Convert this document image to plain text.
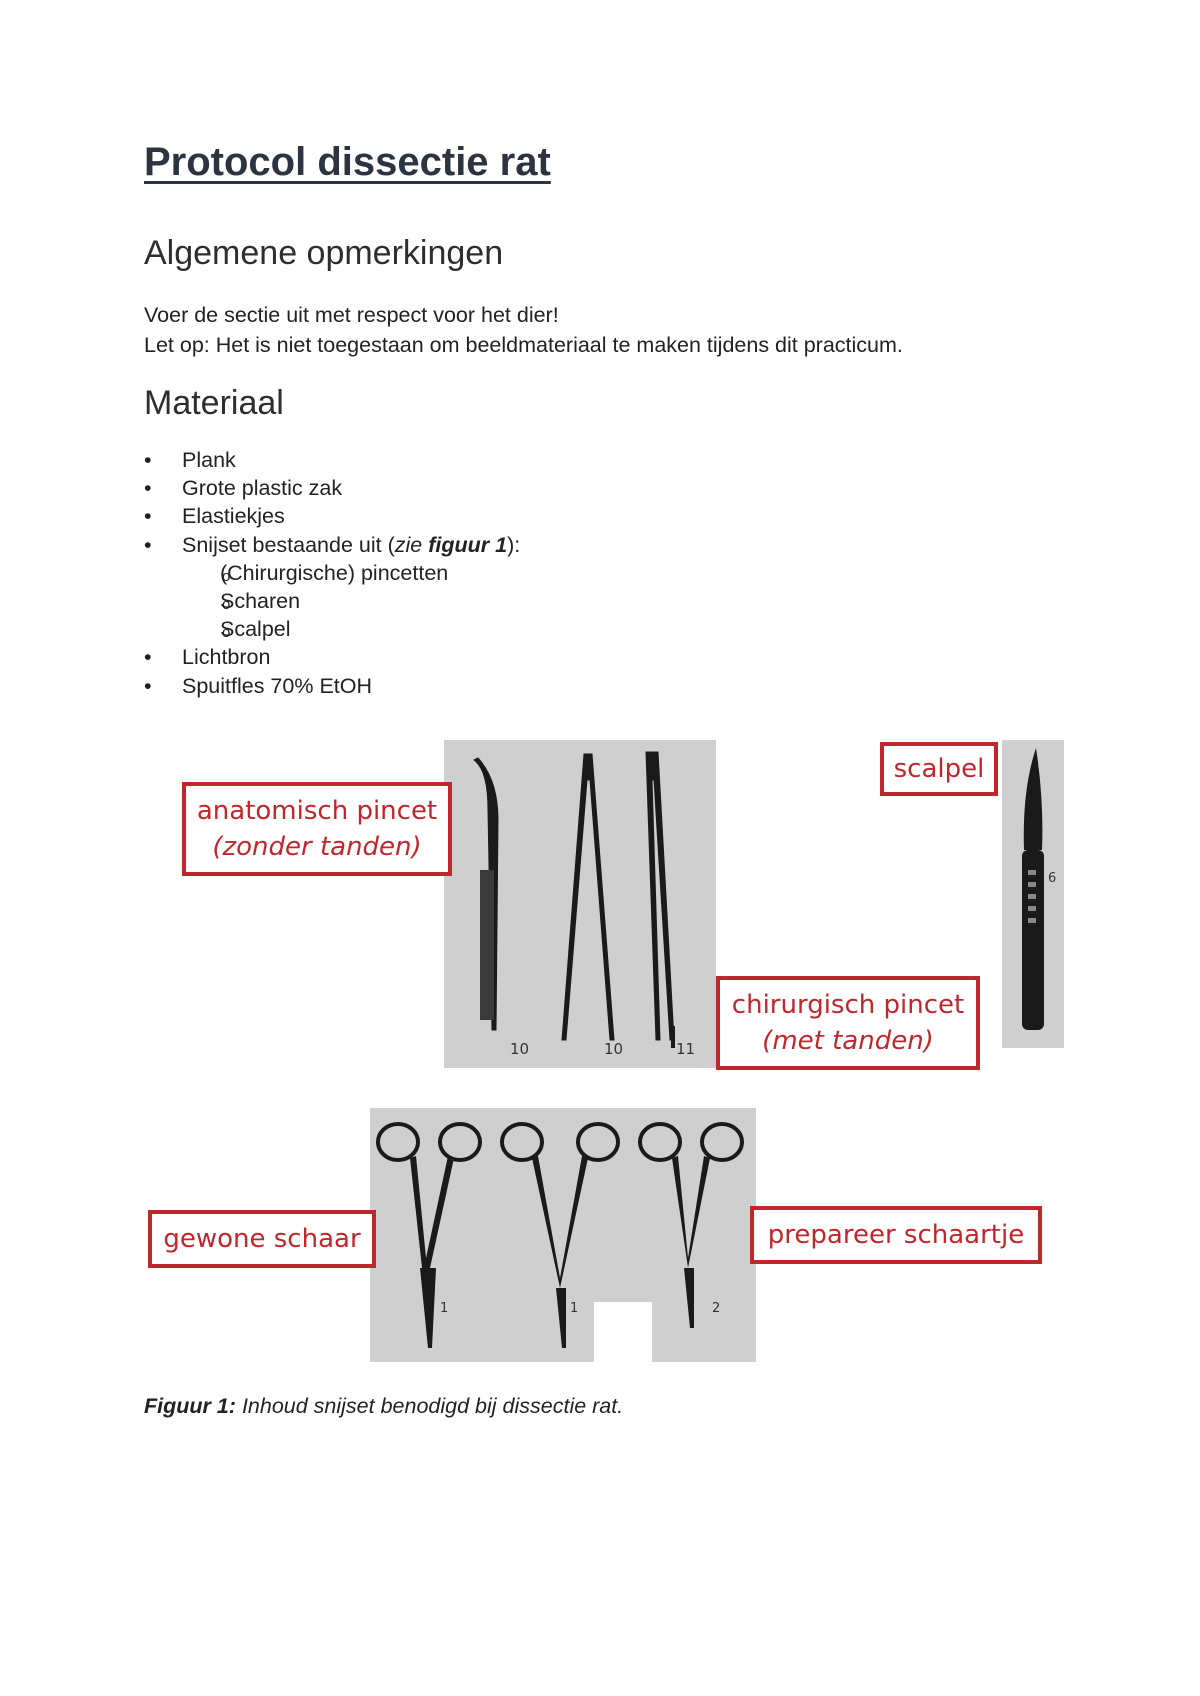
Protocol dissectie rat
Algemene opmerkingen

Voer de sectie uit met respect voor het dier!

Let op: Het is niet toegestaan om beeldmateriaal te maken tijdens dit practicum.

Materiaal
• Plank
• Grote plastic zak
• Elastiekjes
• Snijset bestaande uit (zie figuur 1):
o (Chirurgische) pincetten
o Scharen
o Scalpel
• Lichtbron
• Spuitfles 70% EtOH
10	10	11
6
1	1	2
anatomisch pincet
(zonder tanden)
scalpel
chirurgisch pincet
(met tanden)
gewone schaar	prepareer schaartje

Figuur 1: Inhoud snijset benodigd bij dissectie rat.
